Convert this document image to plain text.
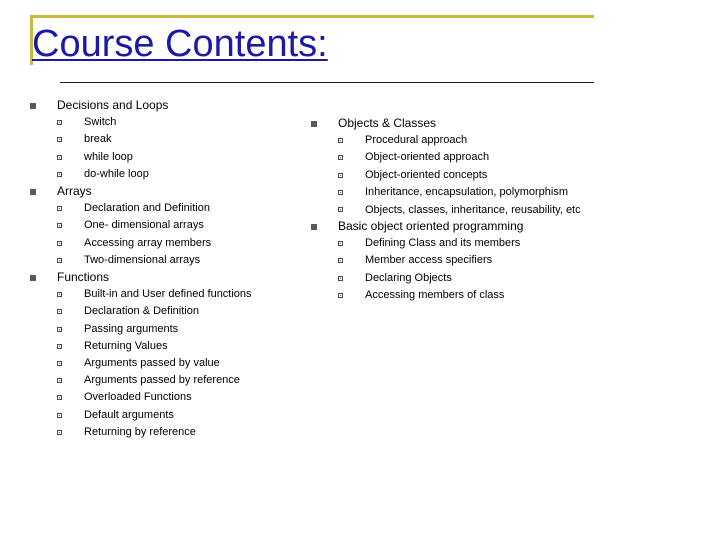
Course Contents:
Decisions and Loops
Switch
break
while loop
do-while loop
Arrays
Declaration and Definition
One- dimensional arrays
Accessing array members
Two-dimensional arrays
Functions
Built-in and User defined functions
Declaration & Definition
Passing arguments
Returning Values
Arguments passed by value
Arguments passed by reference
Overloaded Functions
Default arguments
Returning by reference
Objects & Classes
Procedural approach
Object-oriented approach
Object-oriented concepts
Inheritance, encapsulation, polymorphism
Objects, classes, inheritance, reusability, etc
Basic object oriented programming
Defining Class and its members
Member access specifiers
Declaring Objects
Accessing members of class
